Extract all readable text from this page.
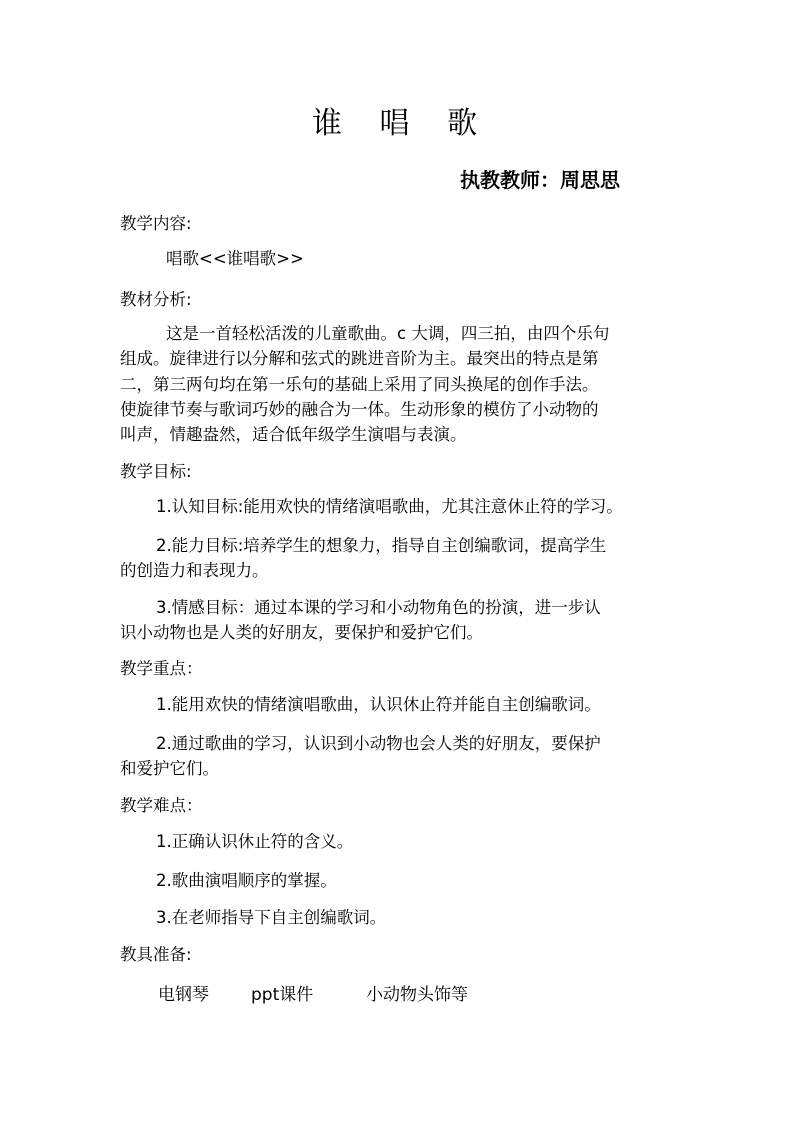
谁 唱 歌
执教教师：周思思
教学内容:
唱歌<<谁唱歌>>
教材分析:
这是一首轻松活泼的儿童歌曲。c 大调，四三拍，由四个乐句
组成。旋律进行以分解和弦式的跳进音阶为主。最突出的特点是第
二，第三两句均在第一乐句的基础上采用了同头换尾的创作手法。
使旋律节奏与歌词巧妙的融合为一体。生动形象的模仿了小动物的
叫声，情趣盎然，适合低年级学生演唱与表演。
教学目标:
1.认知目标:能用欢快的情绪演唱歌曲，尤其注意休止符的学习。
2.能力目标:培养学生的想象力，指导自主创编歌词，提高学生
的创造力和表现力。
3.情感目标：通过本课的学习和小动物角色的扮演，进一步认
识小动物也是人类的好朋友，要保护和爱护它们。
教学重点：
1.能用欢快的情绪演唱歌曲，认识休止符并能自主创编歌词。
2.通过歌曲的学习，认识到小动物也会人类的好朋友，要保护
和爱护它们。
教学难点：
1.正确认识休止符的含义。
2.歌曲演唱顺序的掌握。
3.在老师指导下自主创编歌词。
教具准备:
电钢琴 ppt课件	小动物头饰等
